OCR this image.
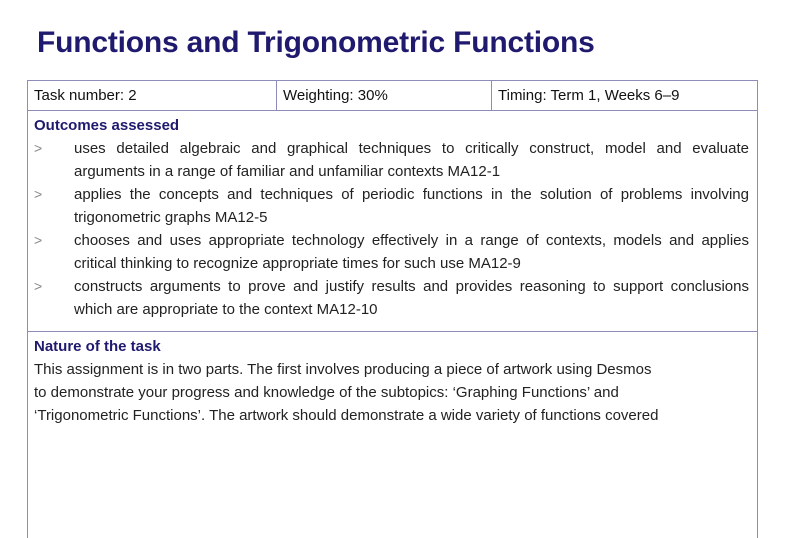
Functions and Trigonometric Functions
Task number: 2	Weighting: 30%	Timing: Term 1, Weeks 6–9
Outcomes assessed
>	uses detailed algebraic and graphical techniques to critically construct, model and evaluate arguments in a range of familiar and unfamiliar contexts MA12-1
>	applies the concepts and techniques of periodic functions in the solution of problems involving trigonometric graphs MA12-5
>	chooses and uses appropriate technology effectively in a range of contexts, models and applies critical thinking to recognize appropriate times for such use MA12-9
>	constructs arguments to prove and justify results and provides reasoning to support conclusions which are appropriate to the context MA12-10
Nature of the task

This assignment is in two parts. The first involves producing a piece of artwork using Desmos

to demonstrate your progress and knowledge of the subtopics: ‘Graphing Functions’ and

‘Trigonometric Functions’. The artwork should demonstrate a wide variety of functions covered
